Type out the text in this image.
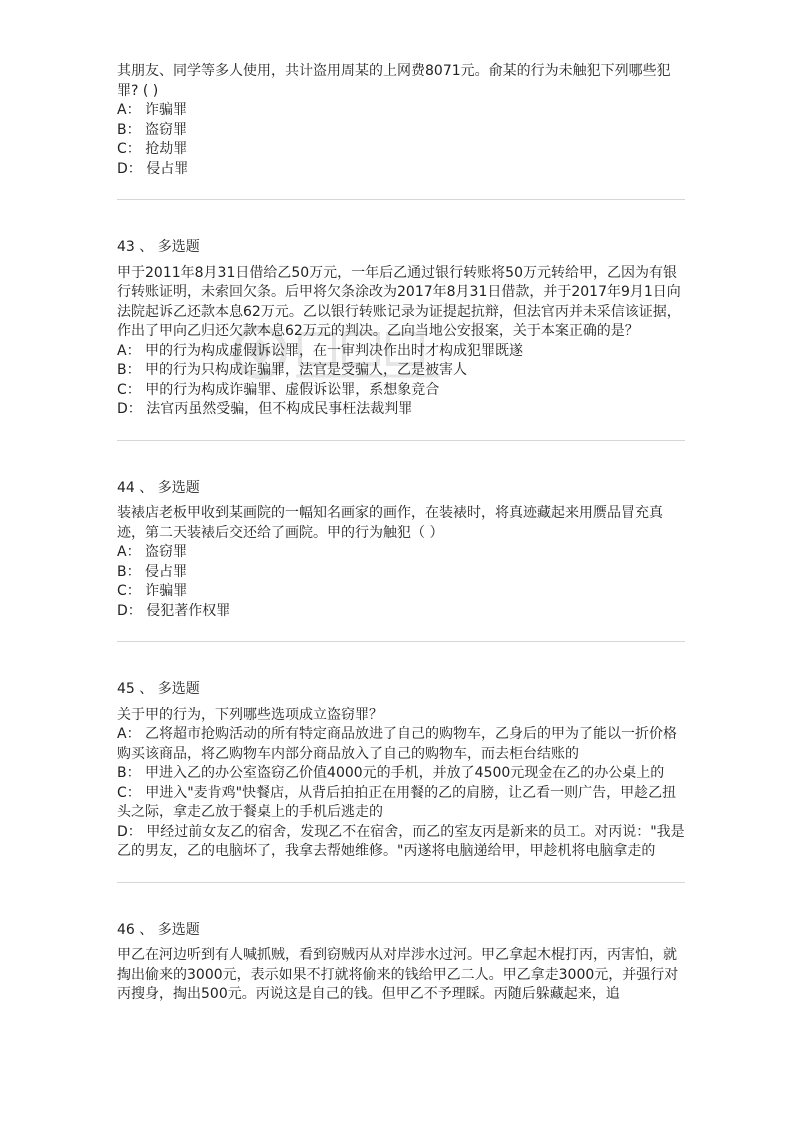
其朋友、同学等多人使用，共计盗用周某的上网费8071元。俞某的行为未触犯下列哪些犯罪? ( )

A： 诈骗罪

B： 盗窃罪

C： 抢劫罪

D： 侵占罪

43 、 多选题

甲于2011年8月31日借给乙50万元，一年后乙通过银行转账将50万元转给甲，乙因为有银行转账证明，未索回欠条。后甲将欠条涂改为2017年8月31日借款，并于2017年9月1日向法院起诉乙还款本息62万元。乙以银行转账记录为证提起抗辩，但法官丙并未采信该证据，作出了甲向乙归还欠款本息62万元的判决。乙向当地公安报案，关于本案正确的是？

A： 甲的行为构成虚假诉讼罪，在一审判决作出时才构成犯罪既遂

B： 甲的行为只构成诈骗罪，法官是受骗人，乙是被害人

C： 甲的行为构成诈骗罪、虚假诉讼罪，系想象竞合

D： 法官丙虽然受骗，但不构成民事枉法裁判罪

44 、 多选题

装裱店老板甲收到某画院的一幅知名画家的画作，在装裱时，将真迹藏起来用赝品冒充真迹，第二天装裱后交还给了画院。甲的行为触犯（ ）

A： 盗窃罪

B： 侵占罪

C： 诈骗罪

D： 侵犯著作权罪

45 、 多选题

关于甲的行为，下列哪些选项成立盗窃罪？

A： 乙将超市抢购活动的所有特定商品放进了自己的购物车，乙身后的甲为了能以一折价格购买该商品，将乙购物车内部分商品放入了自己的购物车，而去柜台结账的

B： 甲进入乙的办公室盗窃乙价值4000元的手机，并放了4500元现金在乙的办公桌上的

C： 甲进入"麦肯鸡"快餐店，从背后拍拍正在用餐的乙的肩膀，让乙看一则广告，甲趁乙扭头之际，拿走乙放于餐桌上的手机后逃走的

D： 甲经过前女友乙的宿舍，发现乙不在宿舍，而乙的室友丙是新来的员工。对丙说："我是乙的男友，乙的电脑坏了，我拿去帮她维修。"丙遂将电脑递给甲，甲趁机将电脑拿走的

46 、 多选题

甲乙在河边听到有人喊抓贼，看到窃贼丙从对岸涉水过河。甲乙拿起木棍打丙，丙害怕，就掏出偷来的3000元，表示如果不打就将偷来的钱给甲乙二人。甲乙拿走3000元，并强行对丙搜身，掏出500元。丙说这是自己的钱。但甲乙不予理睬。丙随后躲藏起来，追
